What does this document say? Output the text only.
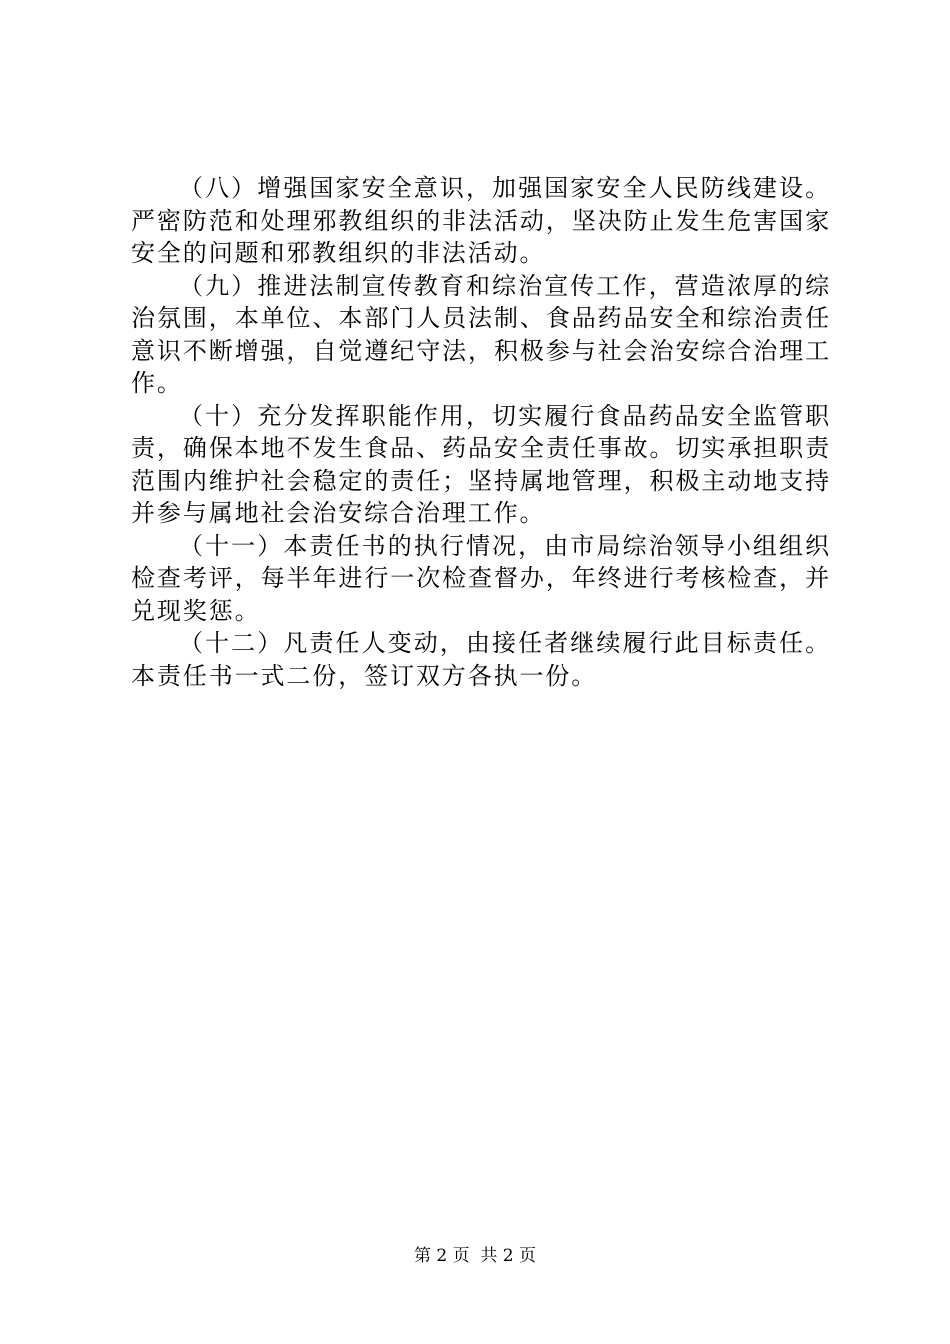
（八）增强国家安全意识，加强国家安全人民防线建设。严密防范和处理邪教组织的非法活动，坚决防止发生危害国家安全的问题和邪教组织的非法活动。

（九）推进法制宣传教育和综治宣传工作，营造浓厚的综治氛围，本单位、本部门人员法制、食品药品安全和综治责任意识不断增强，自觉遵纪守法，积极参与社会治安综合治理工作。

（十）充分发挥职能作用，切实履行食品药品安全监管职责，确保本地不发生食品、药品安全责任事故。切实承担职责范围内维护社会稳定的责任；坚持属地管理，积极主动地支持并参与属地社会治安综合治理工作。

（十一）本责任书的执行情况，由市局综治领导小组组织检查考评，每半年进行一次检查督办，年终进行考核检查，并兑现奖惩。

（十二）凡责任人变动，由接任者继续履行此目标责任。本责任书一式二份，签订双方各执一份。

第 2 页  共 2 页
